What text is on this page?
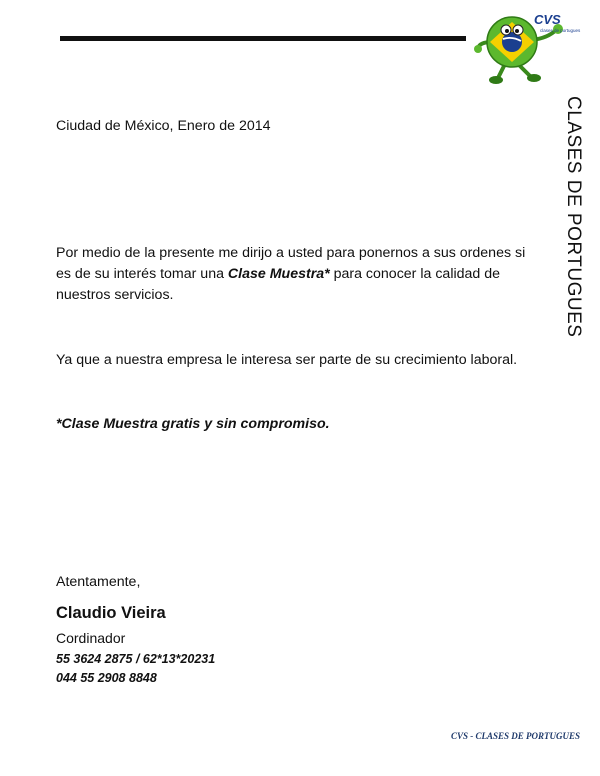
CVS
clases de portugues
CLASES DE PORTUGUES
Ciudad de México, Enero de 2014
Por medio de la presente me dirijo a usted para ponernos a sus ordenes si es de su interés tomar una Clase Muestra* para conocer la calidad de nuestros servicios.
Ya que a nuestra empresa le interesa ser parte de su crecimiento laboral.
*Clase Muestra gratis y sin compromiso.
Atentamente,
Claudio Vieira
Cordinador
55 3624 2875 / 62*13*20231
044 55 2908 8848
CVS - CLASES DE PORTUGUES
